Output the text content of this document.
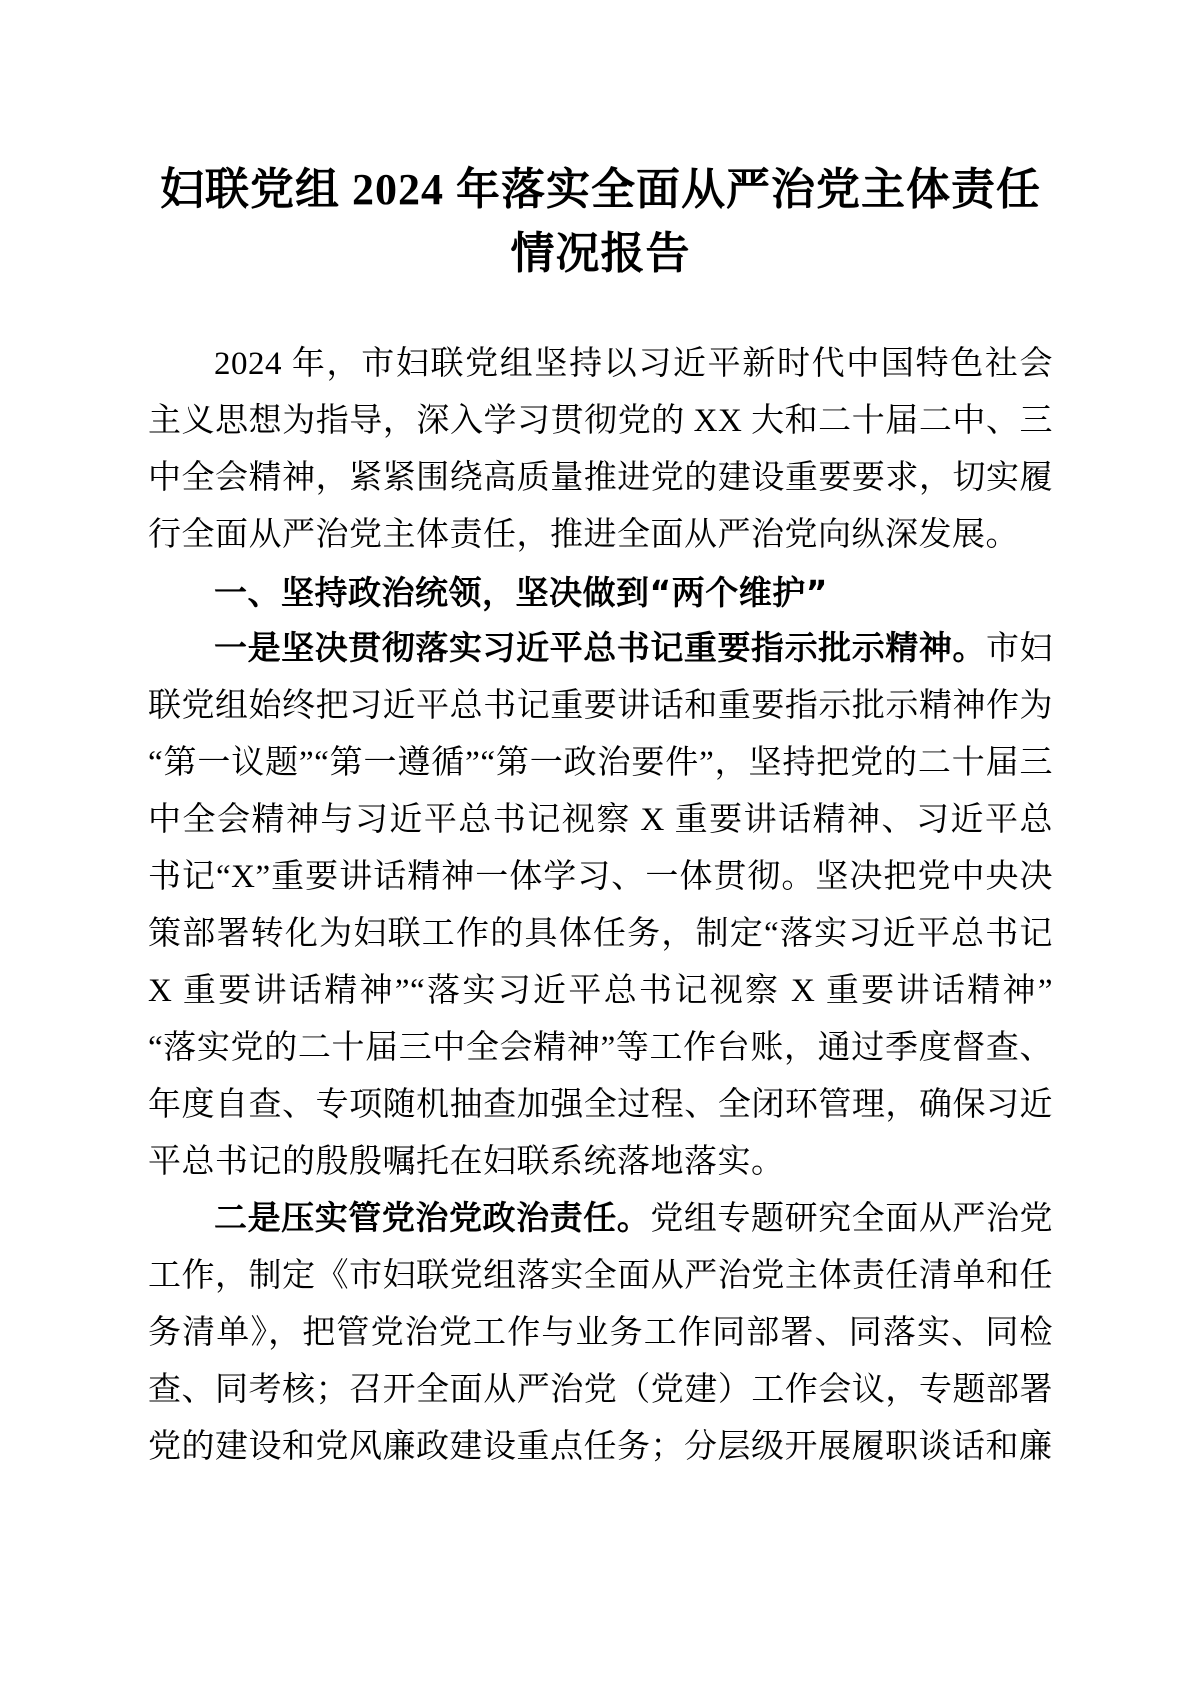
妇联党组 2024 年落实全面从严治党主体责任情况报告

2024 年，市妇联党组坚持以习近平新时代中国特色社会主义思想为指导，深入学习贯彻党的 XX 大和二十届二中、三中全会精神，紧紧围绕高质量推进党的建设重要要求，切实履行全面从严治党主体责任，推进全面从严治党向纵深发展。

一、坚持政治统领，坚决做到“两个维护”

一是坚决贯彻落实习近平总书记重要指示批示精神。市妇联党组始终把习近平总书记重要讲话和重要指示批示精神作为“第一议题”“第一遵循”“第一政治要件”，坚持把党的二十届三中全会精神与习近平总书记视察 X 重要讲话精神、习近平总书记“X”重要讲话精神一体学习、一体贯彻。坚决把党中央决策部署转化为妇联工作的具体任务，制定“落实习近平总书记 X 重要讲话精神”“落实习近平总书记视察 X 重要讲话精神”“落实党的二十届三中全会精神”等工作台账，通过季度督查、年度自查、专项随机抽查加强全过程、全闭环管理，确保习近平总书记的殷殷嘱托在妇联系统落地落实。

二是压实管党治党政治责任。党组专题研究全面从严治党工作，制定《市妇联党组落实全面从严治党主体责任清单和任务清单》，把管党治党工作与业务工作同部署、同落实、同检查、同考核；召开全面从严治党（党建）工作会议，专题部署党的建设和党风廉政建设重点任务；分层级开展履职谈话和廉
